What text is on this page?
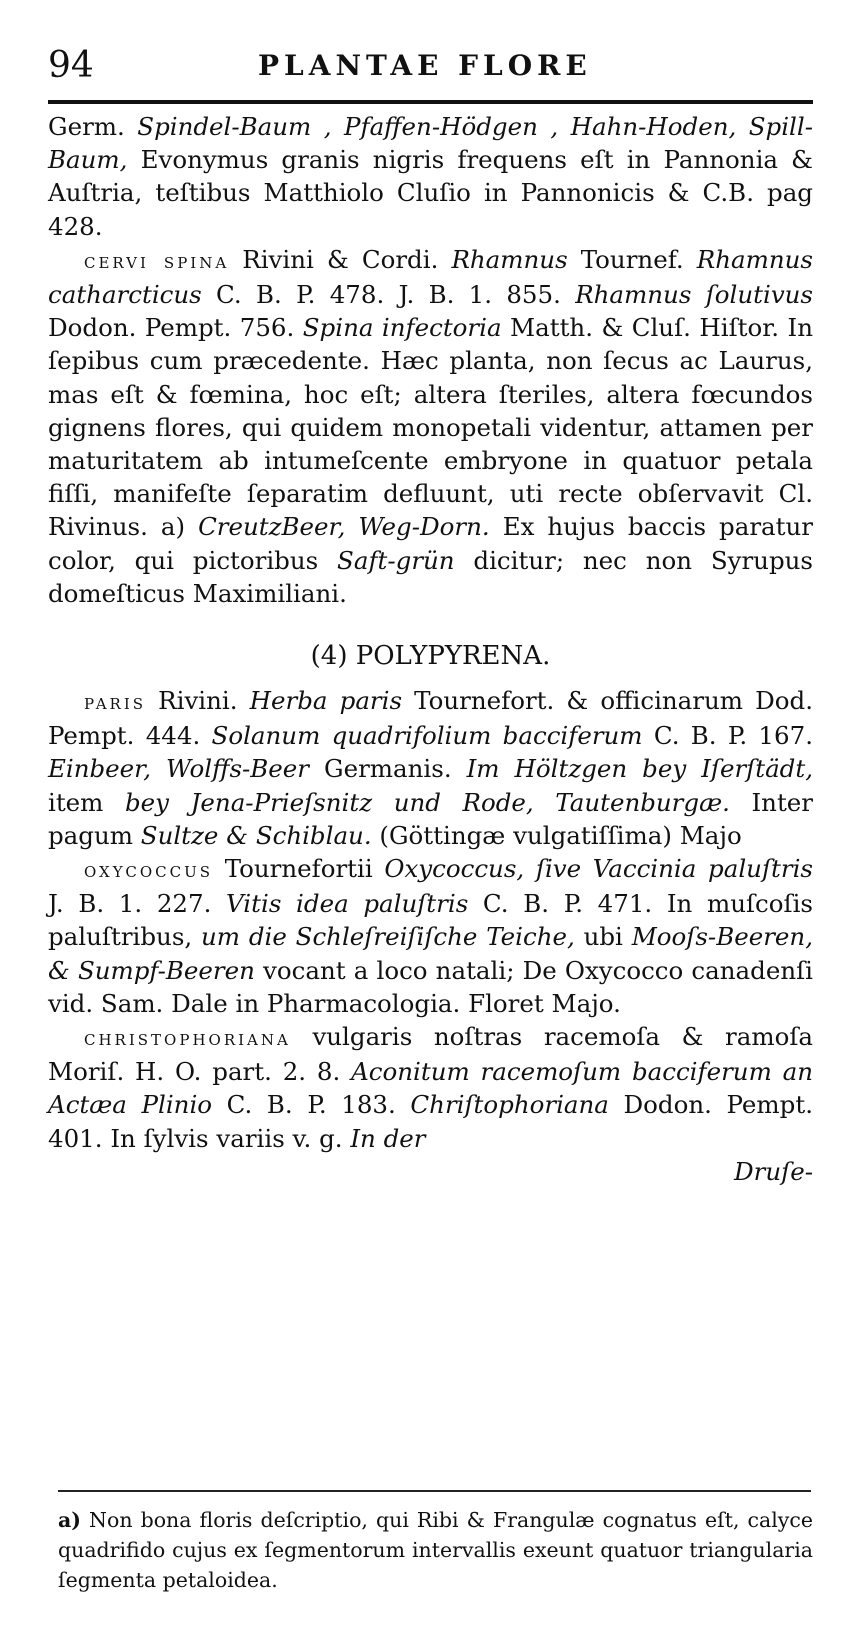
94	PLANTAE FLORE

Germ. Spindel-Baum , Pfaffen-Hödgen , Hahn-Hoden, Spill-Baum, Evonymus granis nigris frequens eſt in Pannonia & Auſtria, teſtibus Matthiolo Cluſio in Pannonicis & C.B. pag 428.

cervi spina Rivini & Cordi. Rhamnus Tournef. Rhamnus catharcticus C. B. P. 478. J. B. 1. 855. Rhamnus ſolutivus Dodon. Pempt. 756. Spina infectoria Matth. & Cluſ. Hiſtor. In ſepibus cum præcedente. Hæc planta, non ſecus ac Laurus, mas eſt & fœmina, hoc eſt; altera ſteriles, altera fœcundos gignens flores, qui quidem monopetali videntur, attamen per maturitatem ab intumeſcente embryone in quatuor petala fiſſi, manifeſte ſeparatim defluunt, uti recte obſervavit Cl. Rivinus. a) CreutzBeer, Weg-Dorn. Ex hujus baccis paratur color, qui pictoribus Saft-grün dicitur; nec non Syrupus domeſticus Maximiliani.

(4) POLYPYRENA.

paris Rivini. Herba paris Tournefort. & officinarum Dod. Pempt. 444. Solanum quadrifolium bacciferum C. B. P. 167. Einbeer, Wolffs-Beer Germanis. Im Höltzgen bey Iſerſtädt, item bey Jena-Prieſsnitz und Rode, Tautenburgæ. Inter pagum Sultze & Schiblau. (Göttingæ vulgatiſſima) Majo

oxycoccus Tournefortii Oxycoccus, ſive Vaccinia paluſtris J. B. 1. 227. Vitis idea paluſtris C. B. P. 471. In muſcoſis paluſtribus, um die Schleſreiſiſche Teiche, ubi Mooſs-Beeren, & Sumpf-Beeren vocant a loco natali; De Oxycocco canadenſi vid. Sam. Dale in Pharmacologia. Floret Majo.

christophoriana vulgaris noſtras racemoſa & ramoſa Moriſ. H. O. part. 2. 8. Aconitum racemoſum bacciferum an Actæa Plinio C. B. P. 183. Chriſtophoriana Dodon. Pempt. 401. In ſylvis variis v. g. In der

Druſe-

a) Non bona floris deſcriptio, qui Ribi & Frangulæ cognatus eſt, calyce quadrifido cujus ex ſegmentorum intervallis exeunt quatuor triangularia ſegmenta petaloidea.
